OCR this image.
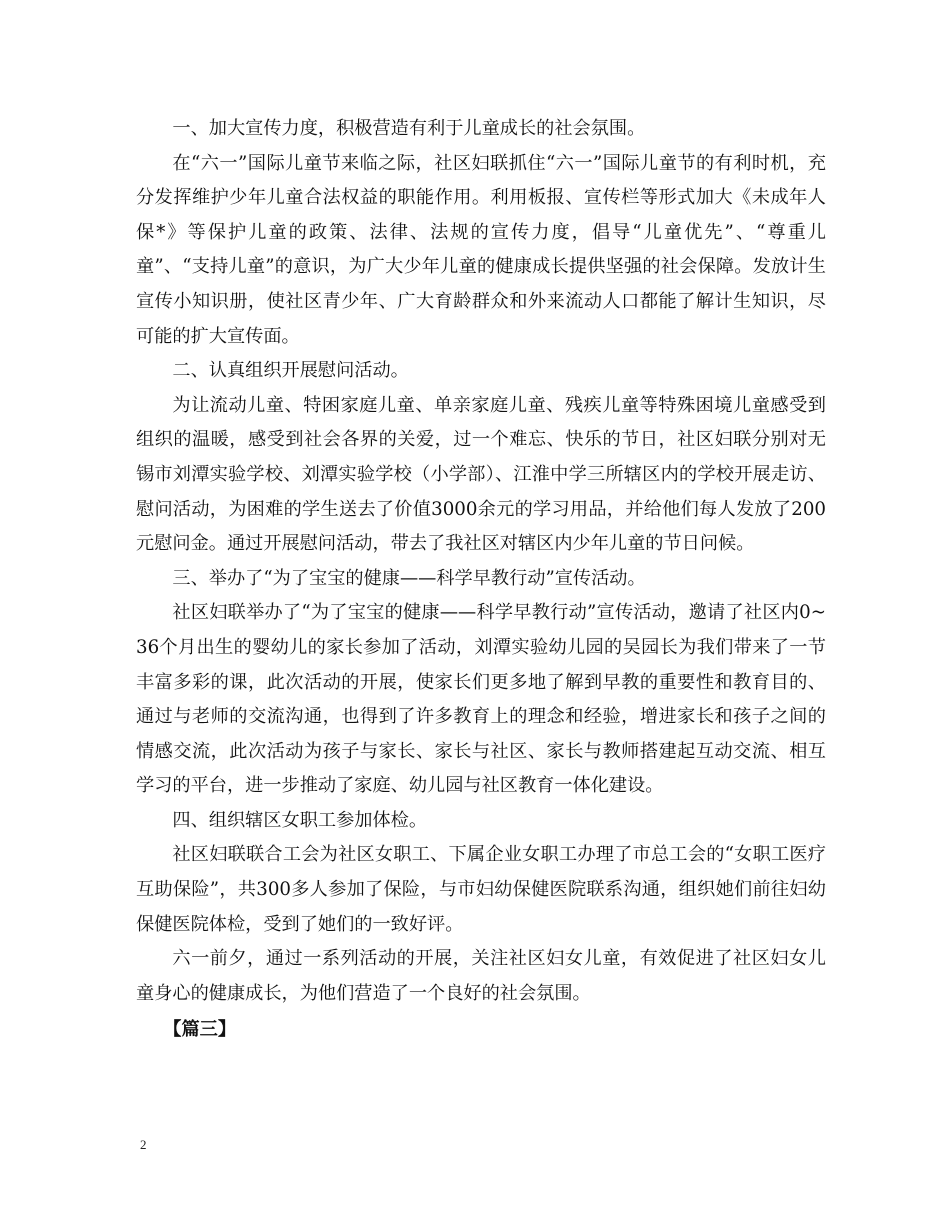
一、加大宣传力度，积极营造有利于儿童成长的社会氛围。

在“六一”国际儿童节来临之际，社区妇联抓住“六一”国际儿童节的有利时机，充分发挥维护少年儿童合法权益的职能作用。利用板报、宣传栏等形式加大《未成年人保*》等保护儿童的政策、法律、法规的宣传力度，倡导“儿童优先”、“尊重儿童”、“支持儿童”的意识，为广大少年儿童的健康成长提供坚强的社会保障。发放计生宣传小知识册，使社区青少年、广大育龄群众和外来流动人口都能了解计生知识，尽可能的扩大宣传面。

二、认真组织开展慰问活动。

为让流动儿童、特困家庭儿童、单亲家庭儿童、残疾儿童等特殊困境儿童感受到组织的温暖，感受到社会各界的关爱，过一个难忘、快乐的节日，社区妇联分别对无锡市刘潭实验学校、刘潭实验学校（小学部）、江淮中学三所辖区内的学校开展走访、慰问活动，为困难的学生送去了价值3000余元的学习用品，并给他们每人发放了200元慰问金。通过开展慰问活动，带去了我社区对辖区内少年儿童的节日问候。

三、举办了“为了宝宝的健康——科学早教行动”宣传活动。

社区妇联举办了“为了宝宝的健康——科学早教行动”宣传活动，邀请了社区内0~36个月出生的婴幼儿的家长参加了活动，刘潭实验幼儿园的吴园长为我们带来了一节丰富多彩的课，此次活动的开展，使家长们更多地了解到早教的重要性和教育目的、通过与老师的交流沟通，也得到了许多教育上的理念和经验，增进家长和孩子之间的情感交流，此次活动为孩子与家长、家长与社区、家长与教师搭建起互动交流、相互学习的平台，进一步推动了家庭、幼儿园与社区教育一体化建设。

四、组织辖区女职工参加体检。

社区妇联联合工会为社区女职工、下属企业女职工办理了市总工会的“女职工医疗互助保险”，共300多人参加了保险，与市妇幼保健医院联系沟通，组织她们前往妇幼保健医院体检，受到了她们的一致好评。

六一前夕，通过一系列活动的开展，关注社区妇女儿童，有效促进了社区妇女儿童身心的健康成长，为他们营造了一个良好的社会氛围。

【篇三】

2
